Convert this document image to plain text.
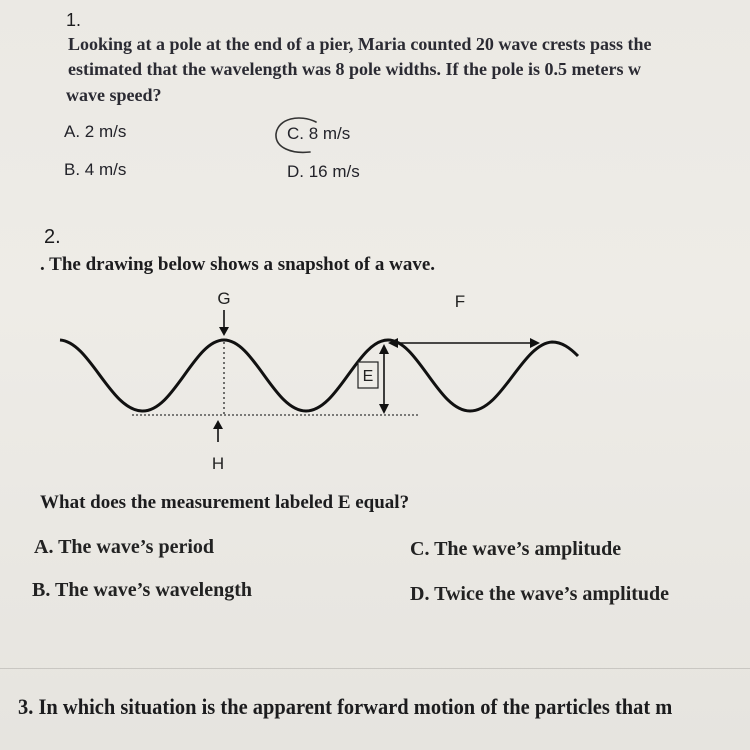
1.
Looking at a pole at the end of a pier, Maria counted 20 wave crests pass the
estimated that the wavelength was 8 pole widths. If the pole is 0.5 meters w
wave speed?
A. 2 m/s
B. 4 m/s
C. 8 m/s
D. 16 m/s
2.
. The drawing below shows a snapshot of a wave.
G
H
F
E
What does the measurement labeled E equal?
A. The wave’s period
B. The wave’s wavelength
C. The wave’s amplitude
D. Twice the wave’s amplitude
3. In which situation is the apparent forward motion of the particles that m
